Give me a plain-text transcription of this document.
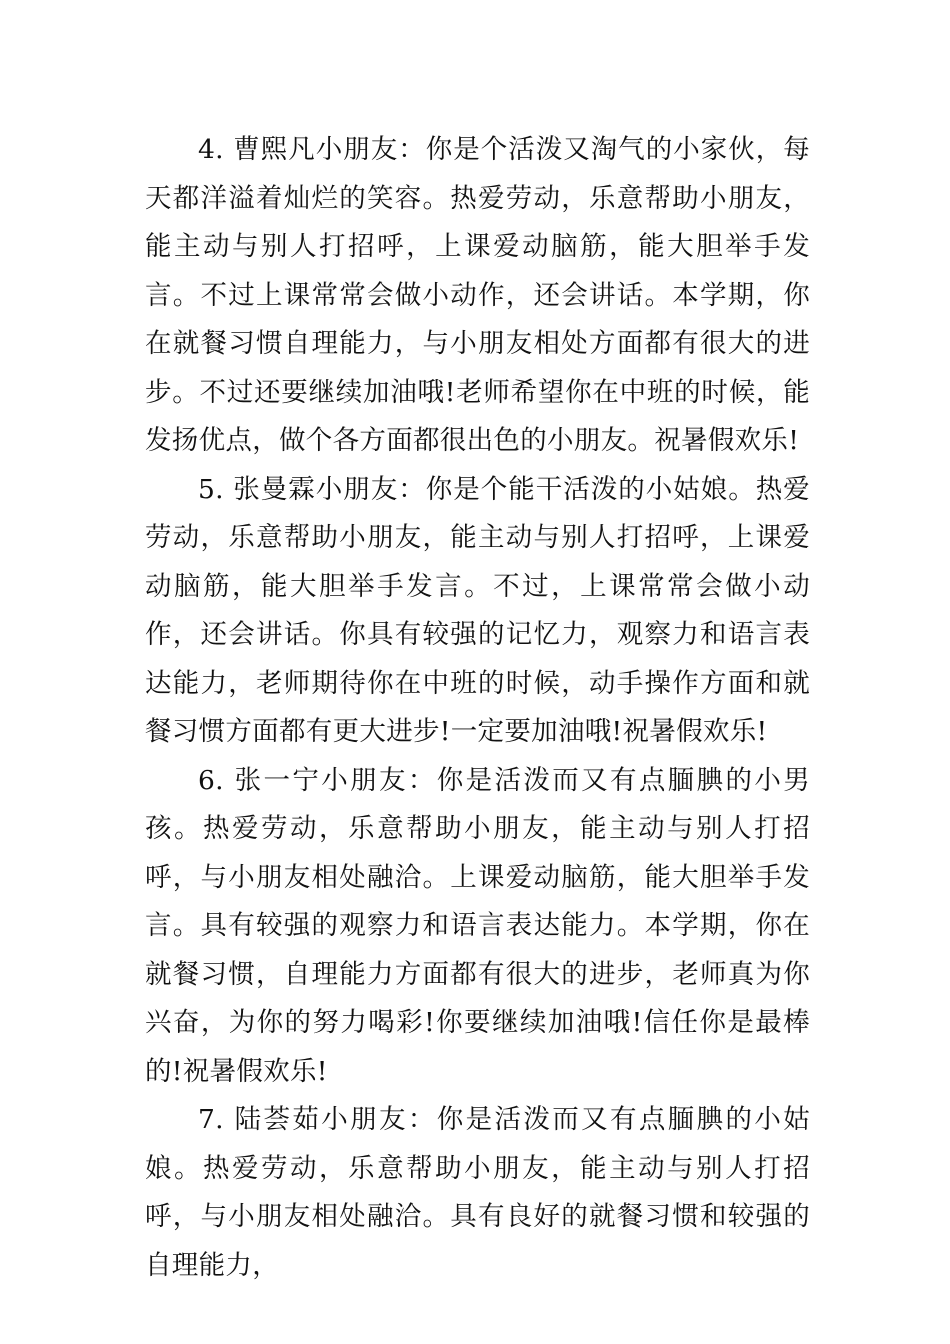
4. 曹熙凡小朋友：你是个活泼又淘气的小家伙，每天都洋溢着灿烂的笑容。热爱劳动，乐意帮助小朋友，能主动与别人打招呼，上课爱动脑筋，能大胆举手发言。不过上课常常会做小动作，还会讲话。本学期，你在就餐习惯自理能力，与小朋友相处方面都有很大的进步。不过还要继续加油哦!老师希望你在中班的时候，能发扬优点，做个各方面都很出色的小朋友。祝暑假欢乐!

5. 张曼霖小朋友：你是个能干活泼的小姑娘。热爱劳动，乐意帮助小朋友，能主动与别人打招呼，上课爱动脑筋，能大胆举手发言。不过，上课常常会做小动作，还会讲话。你具有较强的记忆力，观察力和语言表达能力，老师期待你在中班的时候，动手操作方面和就餐习惯方面都有更大进步!一定要加油哦!祝暑假欢乐!

6. 张一宁小朋友：你是活泼而又有点腼腆的小男孩。热爱劳动，乐意帮助小朋友，能主动与别人打招呼，与小朋友相处融洽。上课爱动脑筋，能大胆举手发言。具有较强的观察力和语言表达能力。本学期，你在就餐习惯，自理能力方面都有很大的进步，老师真为你兴奋，为你的努力喝彩!你要继续加油哦!信任你是最棒的!祝暑假欢乐!

7. 陆荟茹小朋友：你是活泼而又有点腼腆的小姑娘。热爱劳动，乐意帮助小朋友，能主动与别人打招呼，与小朋友相处融洽。具有良好的就餐习惯和较强的自理能力，
